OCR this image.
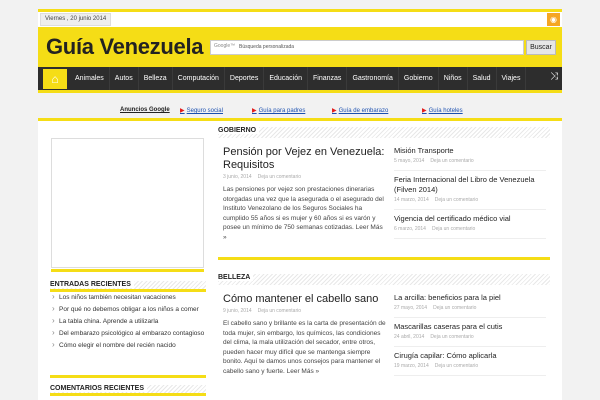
Viernes , 20 junio 2014	◉
Guía Venezuela Google™ Búsqueda personalizada	Buscar
⌂	Animales	Autos	Belleza	Computación	Deportes	Educación	Finanzas	Gastronomía	Gobierno	Niños	Salud	Viajes	⤨
Anuncios Google ▶ Seguro social	▶ Guía para padres	▶ Guía de embarazo	▶ Guía hoteles
ENTRADAS RECIENTES
› Los niños también necesitan vacaciones
› Por qué no debemos obligar a los niños a comer
› La tabla china. Aprende a utilizarla
› Del embarazo psicológico al embarazo contagioso
› Cómo elegir el nombre del recién nacido
COMENTARIOS RECIENTES
GOBIERNO
Pensión por Vejez en Venezuela: Requisitos
3 junio, 2014 Deja un comentario
Las pensiones por vejez son prestaciones dinerarias otorgadas una vez que la asegurada o el asegurado del Instituto Venezolano de los Seguros Sociales ha cumplido 55 años si es mujer y 60 años si es varón y posee un mínimo de 750 semanas cotizadas. Leer Más »
Misión Transporte
5 mayo, 2014 Deja un comentario
Feria Internacional del Libro de Venezuela (Filven 2014)
14 marzo, 2014 Deja un comentario
Vigencia del certificado médico vial
6 marzo, 2014 Deja un comentario
BELLEZA
Cómo mantener el cabello sano
9 junio, 2014 Deja un comentario
El cabello sano y brillante es la carta de presentación de toda mujer, sin embargo, los químicos, las condiciones del clima, la mala utilización del secador, entre otros, pueden hacer muy difícil que se mantenga siempre bonito. Aquí te damos unos consejos para mantener el cabello sano y fuerte. Leer Más »
La arcilla: beneficios para la piel
27 mayo, 2014 Deja un comentario
Mascarillas caseras para el cutis
24 abril, 2014 Deja un comentario
Cirugía capilar: Cómo aplicarla
19 marzo, 2014 Deja un comentario
